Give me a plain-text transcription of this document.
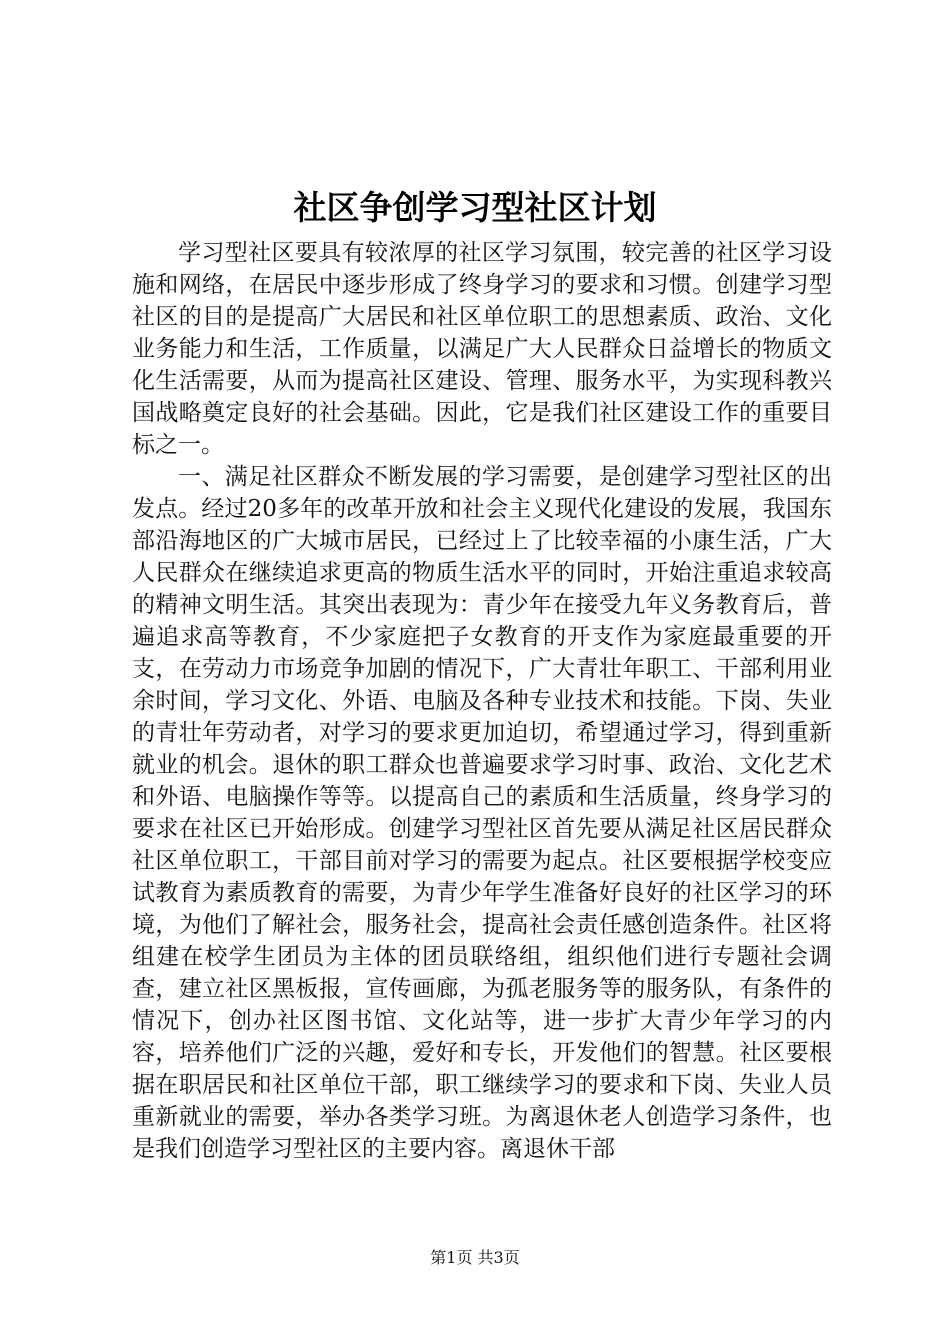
社区争创学习型社区计划

学习型社区要具有较浓厚的社区学习氛围，较完善的社区学习设施和网络，在居民中逐步形成了终身学习的要求和习惯。创建学习型社区的目的是提高广大居民和社区单位职工的思想素质、政治、文化业务能力和生活，工作质量，以满足广大人民群众日益增长的物质文化生活需要，从而为提高社区建设、管理、服务水平，为实现科教兴国战略奠定良好的社会基础。因此，它是我们社区建设工作的重要目标之一。

一、满足社区群众不断发展的学习需要，是创建学习型社区的出发点。经过20多年的改革开放和社会主义现代化建设的发展，我国东部沿海地区的广大城市居民，已经过上了比较幸福的小康生活，广大人民群众在继续追求更高的物质生活水平的同时，开始注重追求较高的精神文明生活。其突出表现为：青少年在接受九年义务教育后，普遍追求高等教育，不少家庭把子女教育的开支作为家庭最重要的开支，在劳动力市场竞争加剧的情况下，广大青壮年职工、干部利用业余时间，学习文化、外语、电脑及各种专业技术和技能。下岗、失业的青壮年劳动者，对学习的要求更加迫切，希望通过学习，得到重新就业的机会。退休的职工群众也普遍要求学习时事、政治、文化艺术和外语、电脑操作等等。以提高自己的素质和生活质量，终身学习的要求在社区已开始形成。创建学习型社区首先要从满足社区居民群众社区单位职工，干部目前对学习的需要为起点。社区要根据学校变应试教育为素质教育的需要，为青少年学生准备好良好的社区学习的环境，为他们了解社会，服务社会，提高社会责任感创造条件。社区将组建在校学生团员为主体的团员联络组，组织他们进行专题社会调查，建立社区黑板报，宣传画廊，为孤老服务等的服务队，有条件的情况下，创办社区图书馆、文化站等，进一步扩大青少年学习的内容，培养他们广泛的兴趣，爱好和专长，开发他们的智慧。社区要根据在职居民和社区单位干部，职工继续学习的要求和下岗、失业人员重新就业的需要，举办各类学习班。为离退休老人创造学习条件，也是我们创造学习型社区的主要内容。离退休干部

第1页 共3页
